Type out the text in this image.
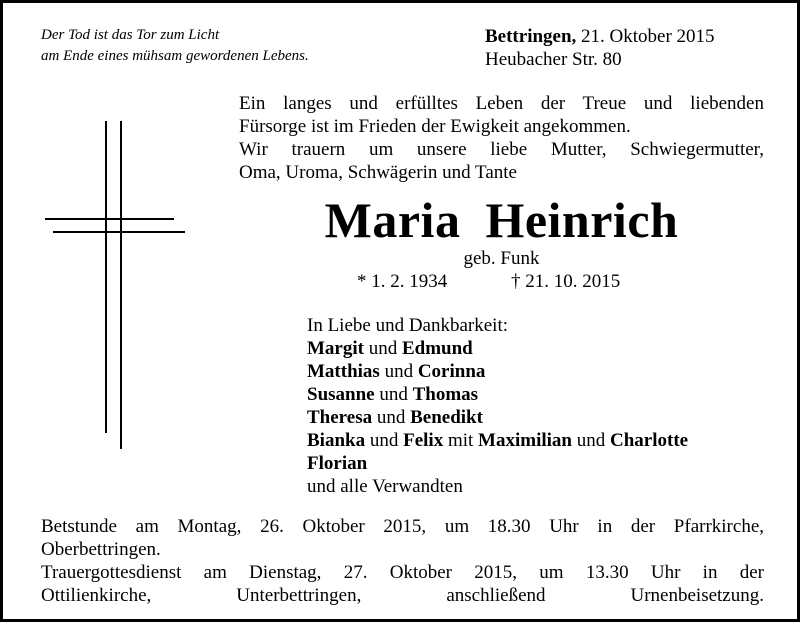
Der Tod ist das Tor zum Licht
am Ende eines mühsam gewordenen Lebens.
Bettringen, 21. Oktober 2015
Heubacher Str. 80
Ein langes und erfülltes Leben der Treue und liebenden
Fürsorge ist im Frieden der Ewigkeit angekommen.
Wir trauern um unsere liebe Mutter, Schwiegermutter,
Oma, Uroma, Schwägerin und Tante
Maria Heinrich
geb. Funk
* 1. 2. 1934	† 21. 10. 2015
In Liebe und Dankbarkeit:
Margit und Edmund
Matthias und Corinna
Susanne und Thomas
Theresa und Benedikt
Bianka und Felix mit Maximilian und Charlotte
Florian
und alle Verwandten
Betstunde am Montag, 26. Oktober 2015, um 18.30 Uhr in der Pfarrkirche,
Oberbettringen.
Trauergottesdienst am Dienstag, 27. Oktober 2015, um 13.30 Uhr in der
Ottilienkirche, Unterbettringen, anschließend Urnenbeisetzung.
